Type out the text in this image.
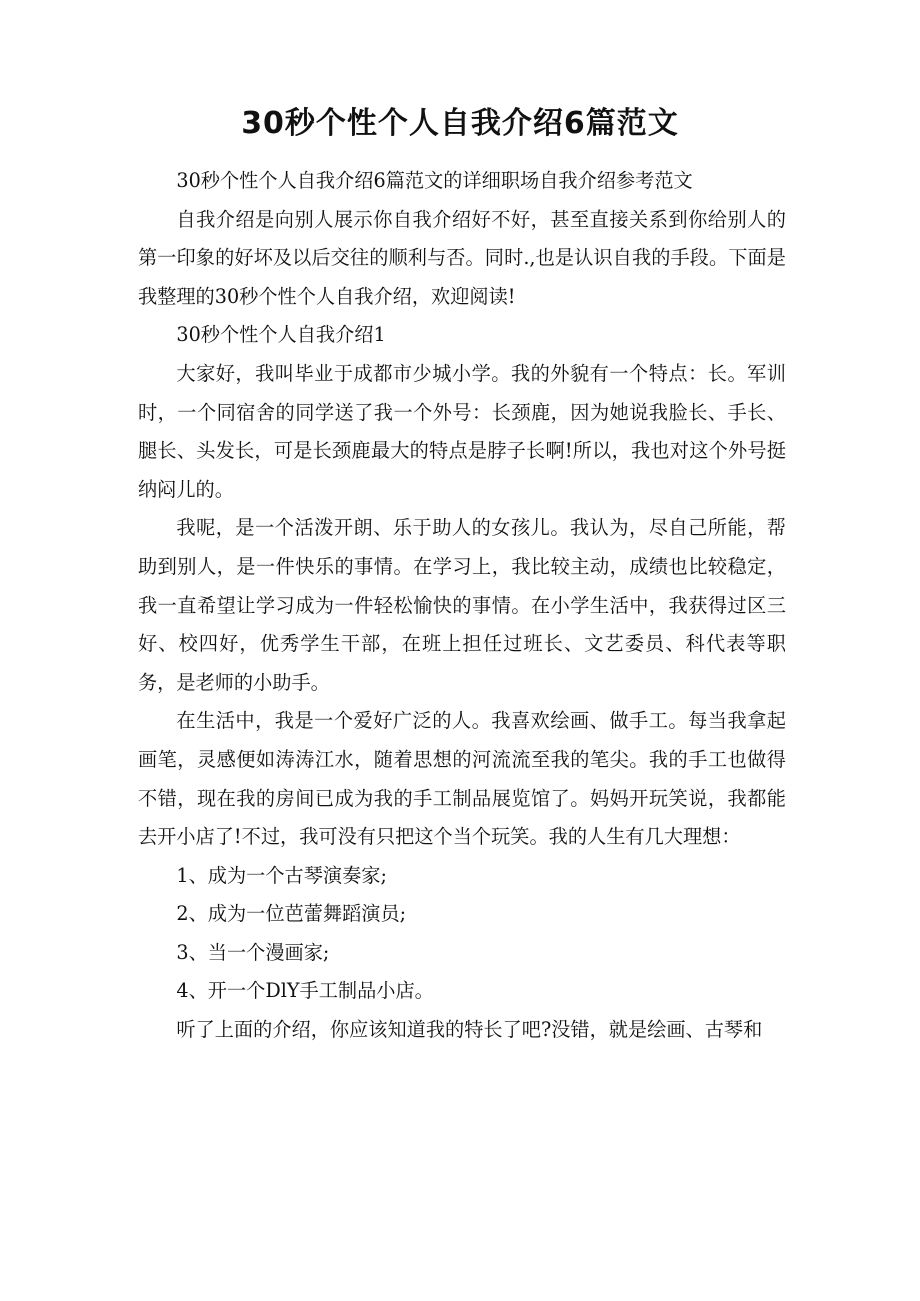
30秒个性个人自我介绍6篇范文

30秒个性个人自我介绍6篇范文的详细职场自我介绍参考范文

自我介绍是向别人展示你自我介绍好不好，甚至直接关系到你给别人的第一印象的好坏及以后交往的顺利与否。同时.,也是认识自我的手段。下面是我整理的30秒个性个人自我介绍，欢迎阅读!

30秒个性个人自我介绍1

大家好，我叫毕业于成都市少城小学。我的外貌有一个特点：长。军训时，一个同宿舍的同学送了我一个外号：长颈鹿，因为她说我脸长、手长、腿长、头发长，可是长颈鹿最大的特点是脖子长啊!所以，我也对这个外号挺纳闷儿的。

我呢，是一个活泼开朗、乐于助人的女孩儿。我认为，尽自己所能，帮助到别人，是一件快乐的事情。在学习上，我比较主动，成绩也比较稳定，我一直希望让学习成为一件轻松愉快的事情。在小学生活中，我获得过区三好、校四好，优秀学生干部，在班上担任过班长、文艺委员、科代表等职务，是老师的小助手。

在生活中，我是一个爱好广泛的人。我喜欢绘画、做手工。每当我拿起画笔，灵感便如涛涛江水，随着思想的河流流至我的笔尖。我的手工也做得不错，现在我的房间已成为我的手工制品展览馆了。妈妈开玩笑说，我都能去开小店了!不过，我可没有只把这个当个玩笑。我的人生有几大理想：

1、成为一个古琴演奏家;

2、成为一位芭蕾舞蹈演员;

3、当一个漫画家;

4、开一个DlY手工制品小店。

听了上面的介绍，你应该知道我的特长了吧?没错，就是绘画、古琴和
